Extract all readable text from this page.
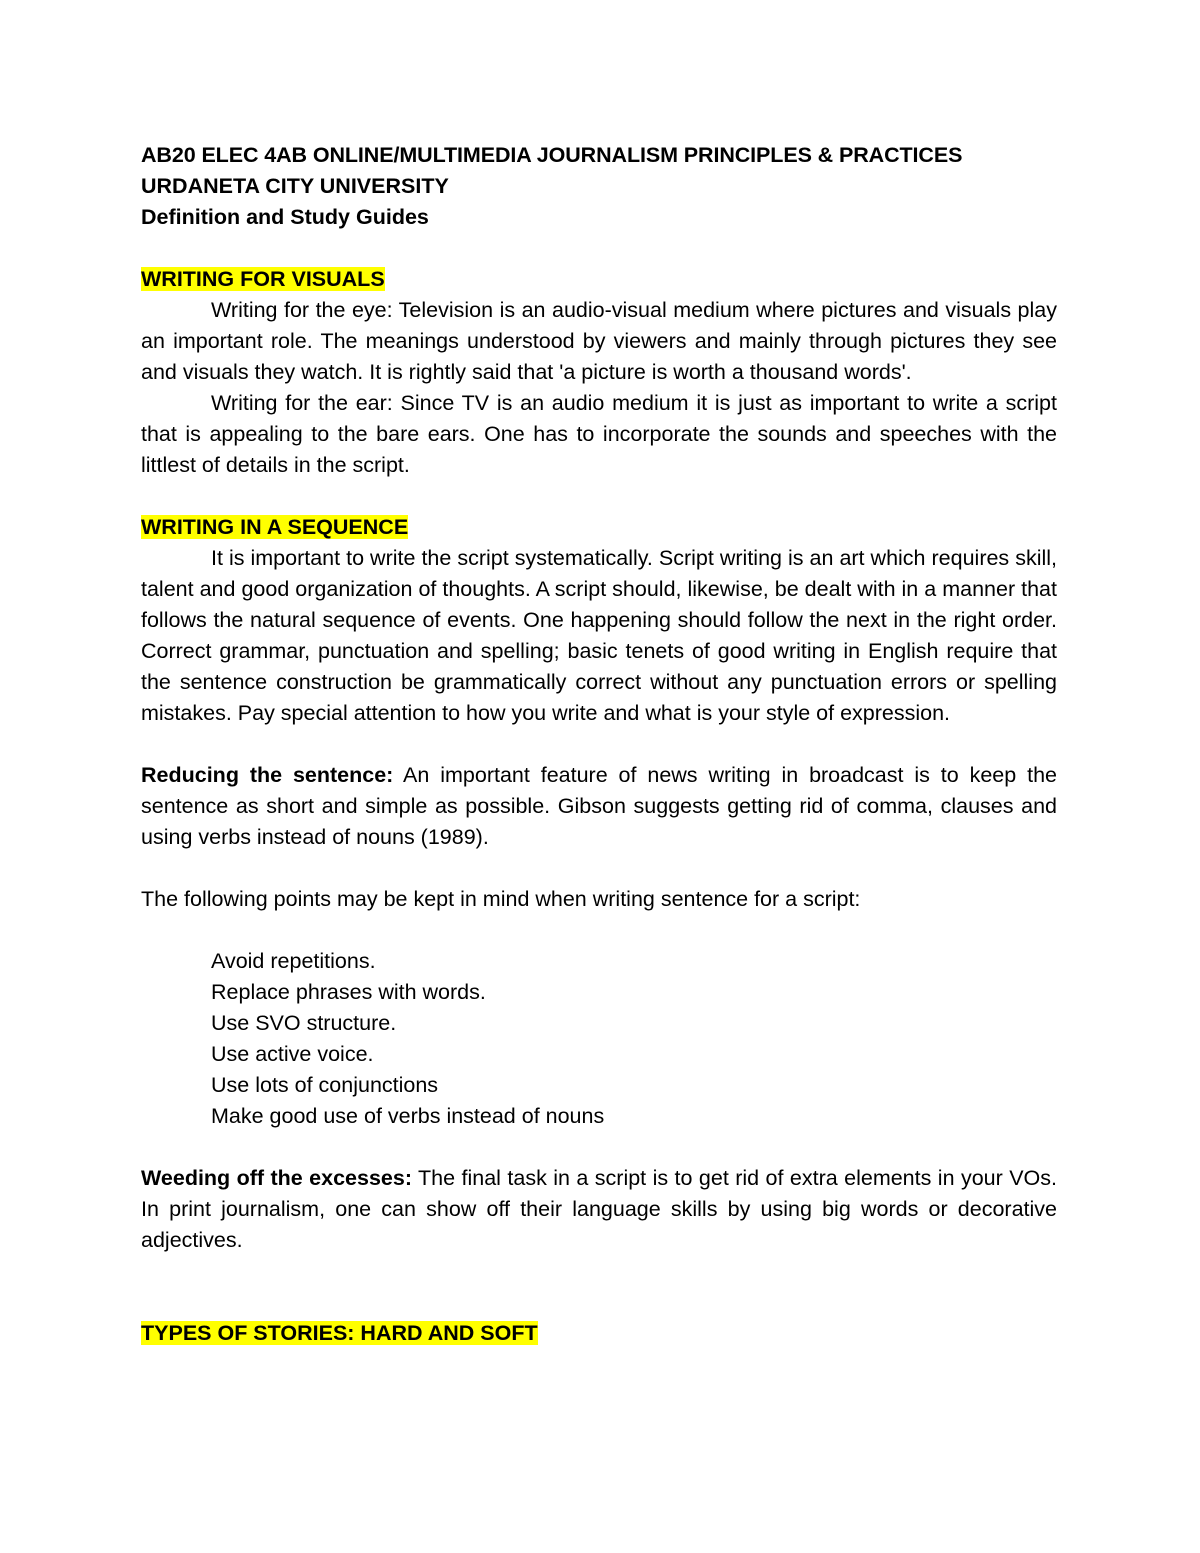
AB20 ELEC 4AB ONLINE/MULTIMEDIA JOURNALISM PRINCIPLES & PRACTICES

URDANETA CITY UNIVERSITY

Definition and Study Guides

WRITING FOR VISUALS

Writing for the eye: Television is an audio-visual medium where pictures and visuals play an important role. The meanings understood by viewers and mainly through pictures they see and visuals they watch. It is rightly said that 'a picture is worth a thousand words'.

Writing for the ear: Since TV is an audio medium it is just as important to write a script that is appealing to the bare ears. One has to incorporate the sounds and speeches with the littlest of details in the script.

WRITING IN A SEQUENCE

It is important to write the script systematically. Script writing is an art which requires skill, talent and good organization of thoughts. A script should, likewise, be dealt with in a manner that follows the natural sequence of events. One happening should follow the next in the right order. Correct grammar, punctuation and spelling; basic tenets of good writing in English require that the sentence construction be grammatically correct without any punctuation errors or spelling mistakes. Pay special attention to how you write and what is your style of expression.

Reducing the sentence: An important feature of news writing in broadcast is to keep the sentence as short and simple as possible. Gibson suggests getting rid of comma, clauses and using verbs instead of nouns (1989).

The following points may be kept in mind when writing sentence for a script:

Avoid repetitions.
Replace phrases with words.
Use SVO structure.
Use active voice.
Use lots of conjunctions
Make good use of verbs instead of nouns

Weeding off the excesses: The final task in a script is to get rid of extra elements in your VOs. In print journalism, one can show off their language skills by using big words or decorative adjectives.

TYPES OF STORIES: HARD AND SOFT
